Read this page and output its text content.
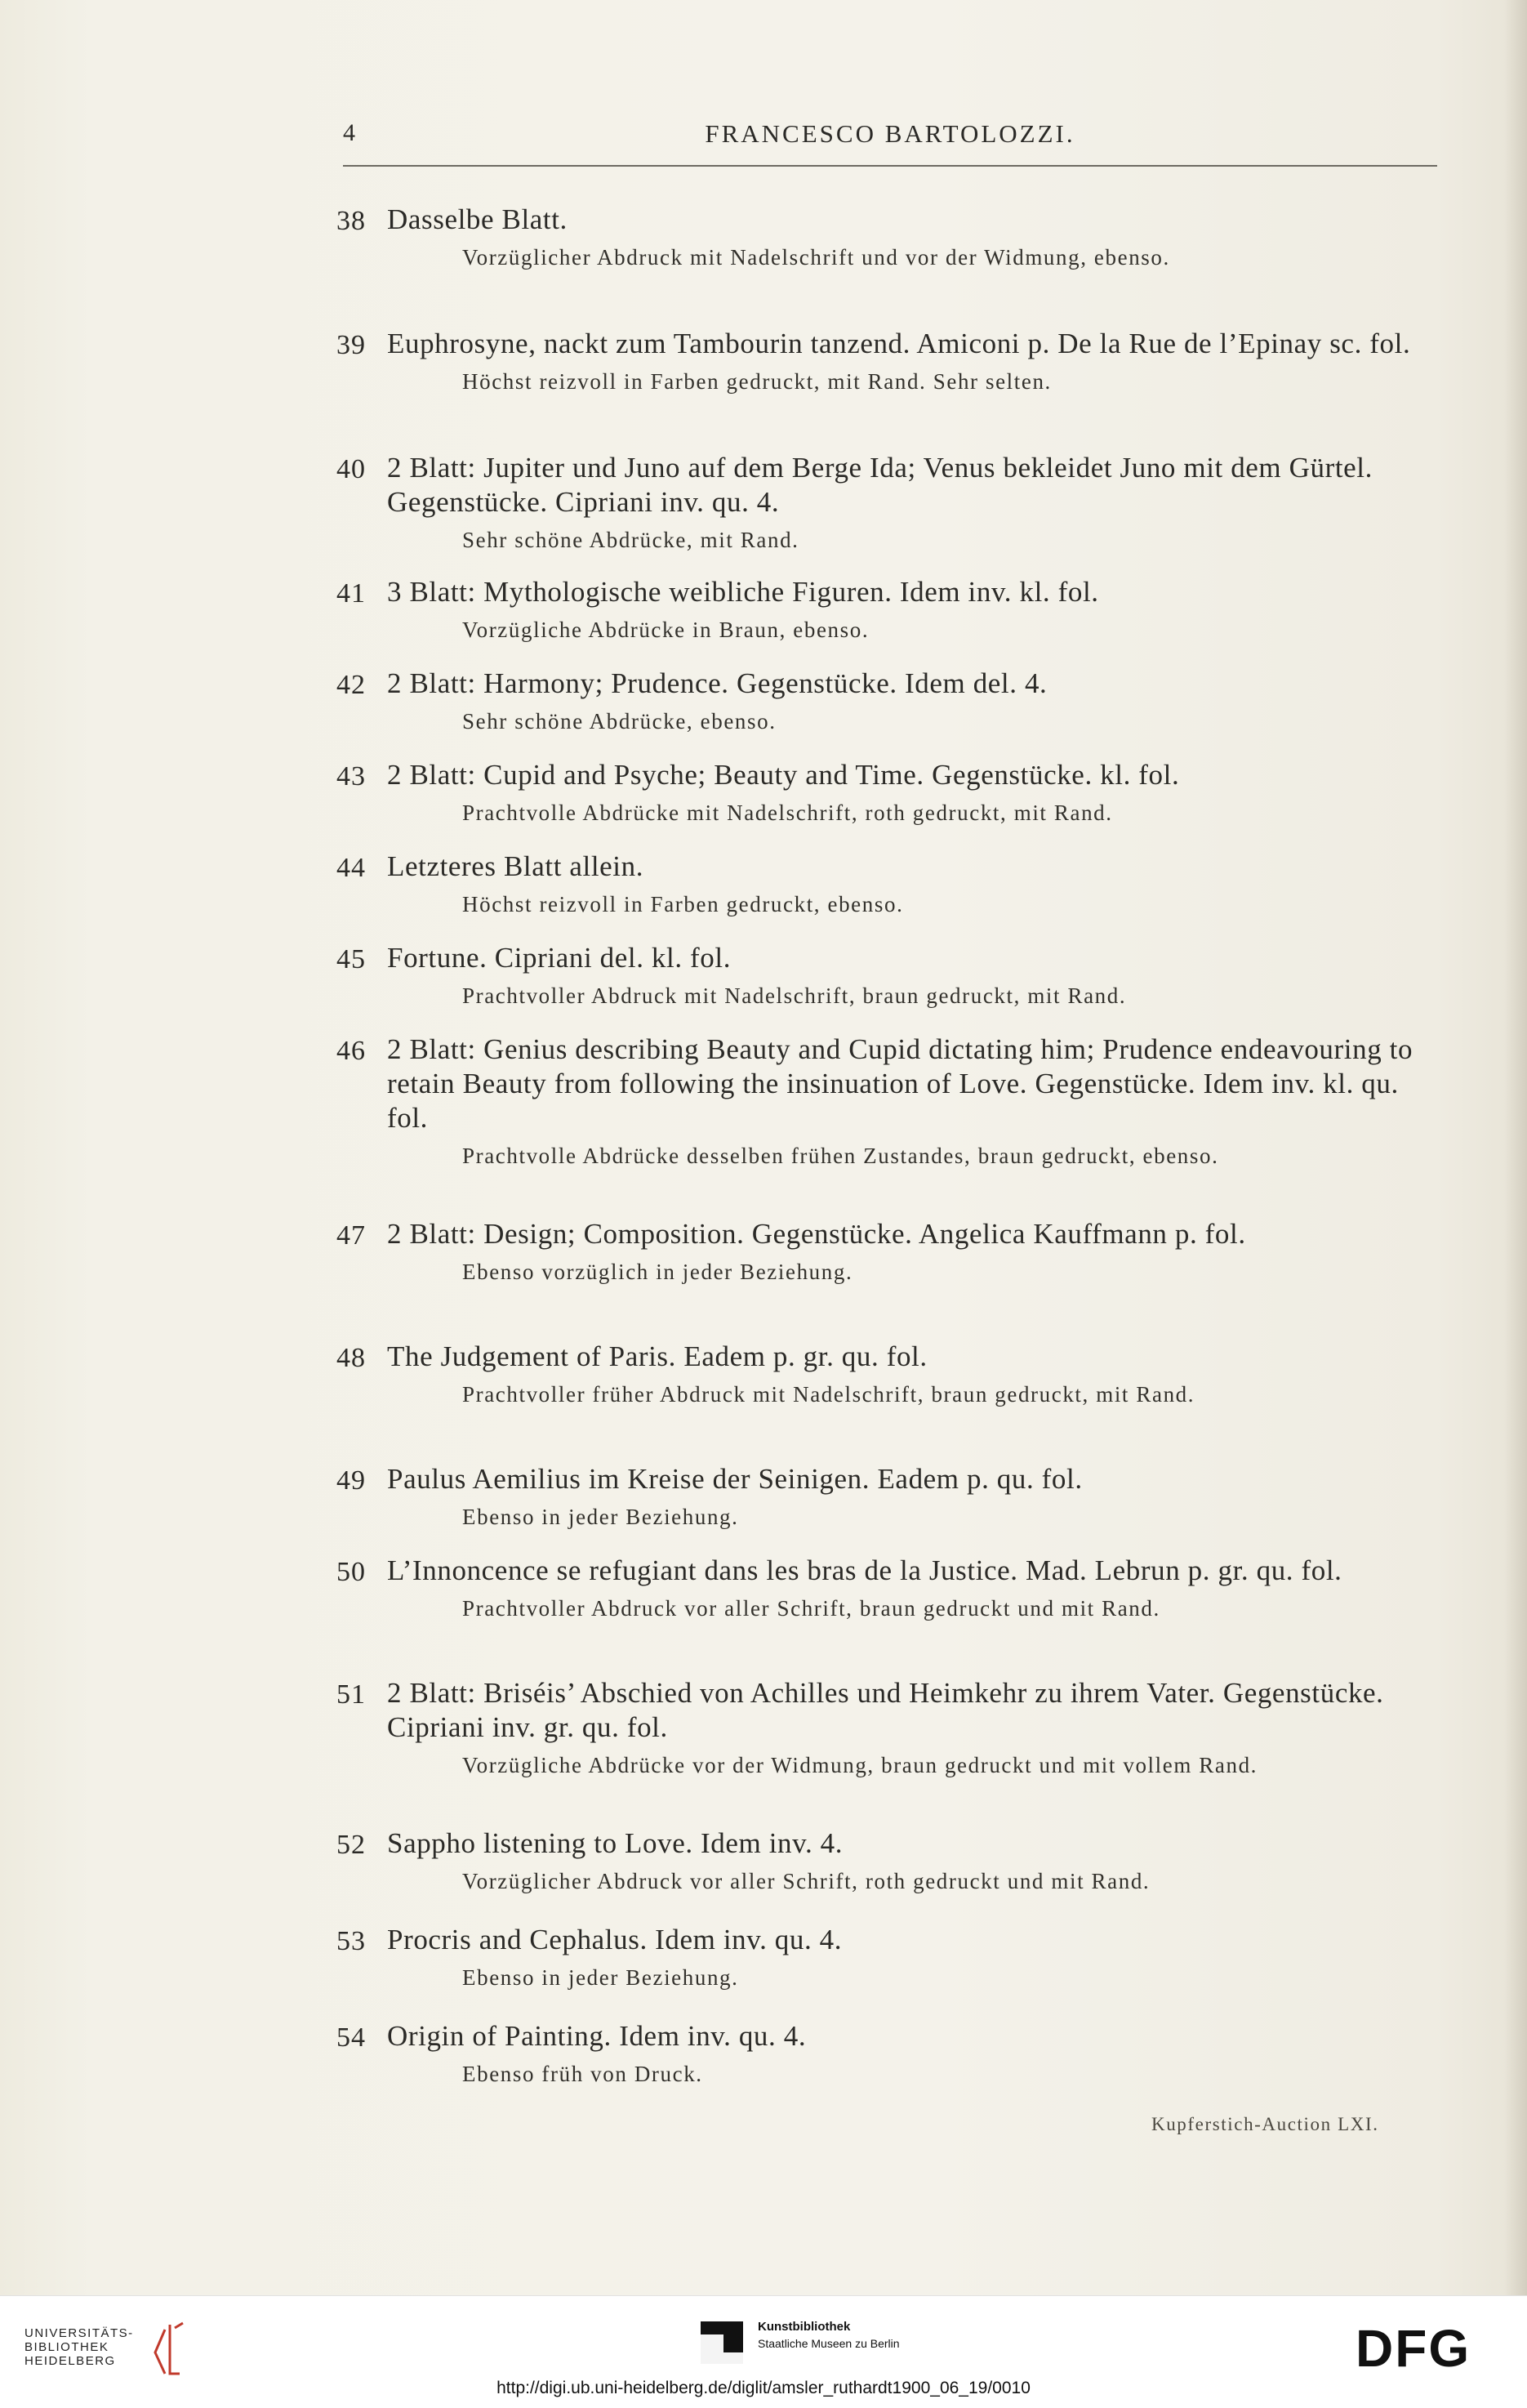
4	FRANCESCO BARTOLOZZI.
38 Dasselbe Blatt.
Vorzüglicher Abdruck mit Nadelschrift und vor der Widmung, ebenso.
39 Euphrosyne, nackt zum Tambourin tanzend. Amiconi p. De la Rue de l’Epinay sc. fol.
Höchst reizvoll in Farben gedruckt, mit Rand. Sehr selten.
40 2 Blatt: Jupiter und Juno auf dem Berge Ida; Venus bekleidet Juno mit dem Gürtel. Gegenstücke. Cipriani inv. qu. 4.
Sehr schöne Abdrücke, mit Rand.
41 3 Blatt: Mythologische weibliche Figuren. Idem inv. kl. fol.
Vorzügliche Abdrücke in Braun, ebenso.
42 2 Blatt: Harmony; Prudence. Gegenstücke. Idem del. 4.
Sehr schöne Abdrücke, ebenso.
43 2 Blatt: Cupid and Psyche; Beauty and Time. Gegenstücke. kl. fol.
Prachtvolle Abdrücke mit Nadelschrift, roth gedruckt, mit Rand.
44 Letzteres Blatt allein.
Höchst reizvoll in Farben gedruckt, ebenso.
45 Fortune. Cipriani del. kl. fol.
Prachtvoller Abdruck mit Nadelschrift, braun gedruckt, mit Rand.
46 2 Blatt: Genius describing Beauty and Cupid dictating him; Prudence endeavouring to retain Beauty from following the insinuation of Love. Gegenstücke. Idem inv. kl. qu. fol.
Prachtvolle Abdrücke desselben frühen Zustandes, braun gedruckt, ebenso.
47 2 Blatt: Design; Composition. Gegenstücke. Angelica Kauffmann p. fol.
Ebenso vorzüglich in jeder Beziehung.
48 The Judgement of Paris. Eadem p. gr. qu. fol.
Prachtvoller früher Abdruck mit Nadelschrift, braun gedruckt, mit Rand.
49 Paulus Aemilius im Kreise der Seinigen. Eadem p. qu. fol.
Ebenso in jeder Beziehung.
50 L’Innoncence se refugiant dans les bras de la Justice. Mad. Lebrun p. gr. qu. fol.
Prachtvoller Abdruck vor aller Schrift, braun gedruckt und mit Rand.
51 2 Blatt: Briséis’ Abschied von Achilles und Heimkehr zu ihrem Vater. Gegenstücke. Cipriani inv. gr. qu. fol.
Vorzügliche Abdrücke vor der Widmung, braun gedruckt und mit vollem Rand.
52 Sappho listening to Love. Idem inv. 4.
Vorzüglicher Abdruck vor aller Schrift, roth gedruckt und mit Rand.
53 Procris and Cephalus. Idem inv. qu. 4.
Ebenso in jeder Beziehung.
54 Origin of Painting. Idem inv. qu. 4.
Ebenso früh von Druck.
Kupferstich-Auction LXI.
UNIVERSITÄTS-
BIBLIOTHEK
HEIDELBERG
Kunstbibliothek
Staatliche Museen zu Berlin	DFG
http://digi.ub.uni-heidelberg.de/diglit/amsler_ruthardt1900_06_19/0010
